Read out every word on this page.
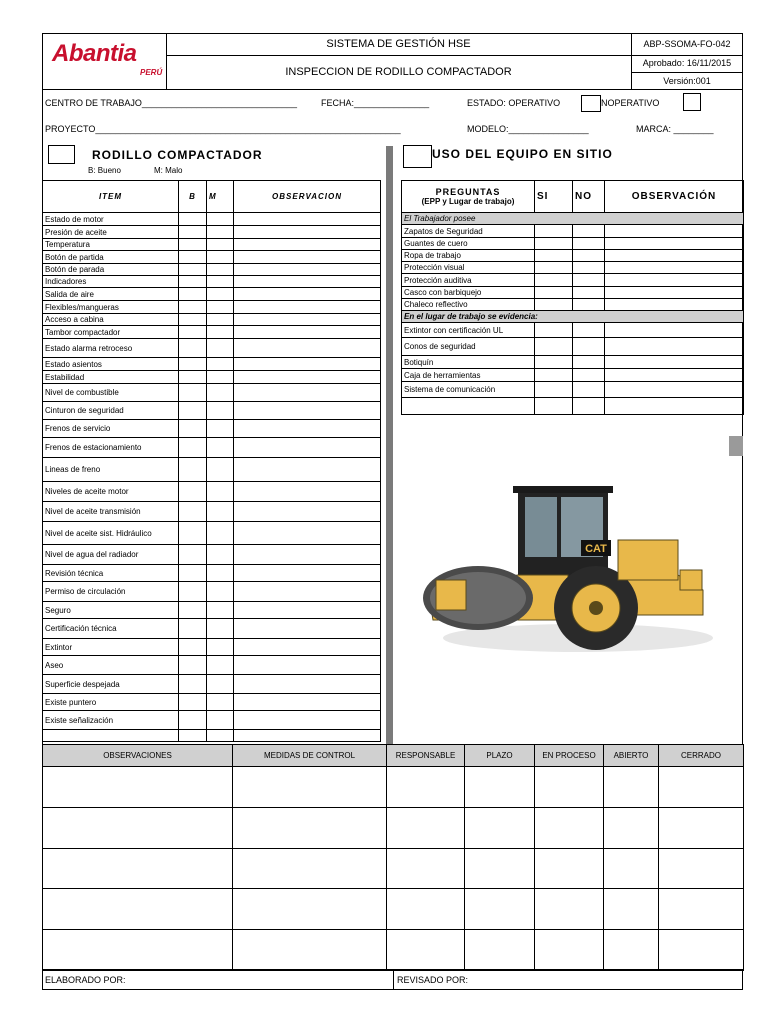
Abantia
PERÚ
SISTEMA DE GESTIÓN HSE
INSPECCION DE RODILLO COMPACTADOR
ABP-SSOMA-FO-042
Aprobado: 16/11/2015
Versión:001
CENTRO DE TRABAJO_______________________________	FECHA:_______________	ESTADO: OPERATIVO	NOPERATIVO
PROYECTO_____________________________________________________________	MODELO:________________	MARCA: ________
RODILLO COMPACTADOR
B: Bueno	M: Malo
ITEM	B	M	OBSERVACION
Estado de motor			
Presión de aceite			
Temperatura			
Botón de partida			
Botón de parada			
Indicadores			
Salida de aire			
Flexibles/mangueras			
Acceso a cabina			
Tambor compactador			
Estado alarma retroceso			
Estado asientos			
Estabilidad			
Nivel de combustible			
Cinturon de seguridad			
Frenos de servicio			
Frenos de estacionamiento			
Lineas de freno			
Niveles de aceite motor			
Nivel de aceite transmisión			
Nivel de aceite sist. Hidráulico			
Nivel de agua del radiador			
Revisión técnica			
Permiso de circulación			
Seguro			
Certificación técnica			
Extintor			
Aseo			
Superficie despejada			
Existe puntero			
Existe señalización			

USO DEL EQUIPO EN SITIO
PREGUNTAS
(EPP y Lugar de trabajo)	SI	NO	OBSERVACIÓN
El Trabajador posee			
Zapatos de Seguridad			
Guantes de cuero			
Ropa de trabajo			
Protección visual			
Protección auditiva			
Casco con barbiquejo			
Chaleco reflectivo			
En el lugar de trabajo se evidencia:			
Extintor con certificación UL			
Conos de seguridad			
Botiquín			
Caja de herramientas			
Sistema de comunicación			

CAT
OBSERVACIONES	MEDIDAS DE CONTROL	RESPONSABLE	PLAZO	EN PROCESO	ABIERTO	CERRADO

ELABORADO POR:	REVISADO POR:
